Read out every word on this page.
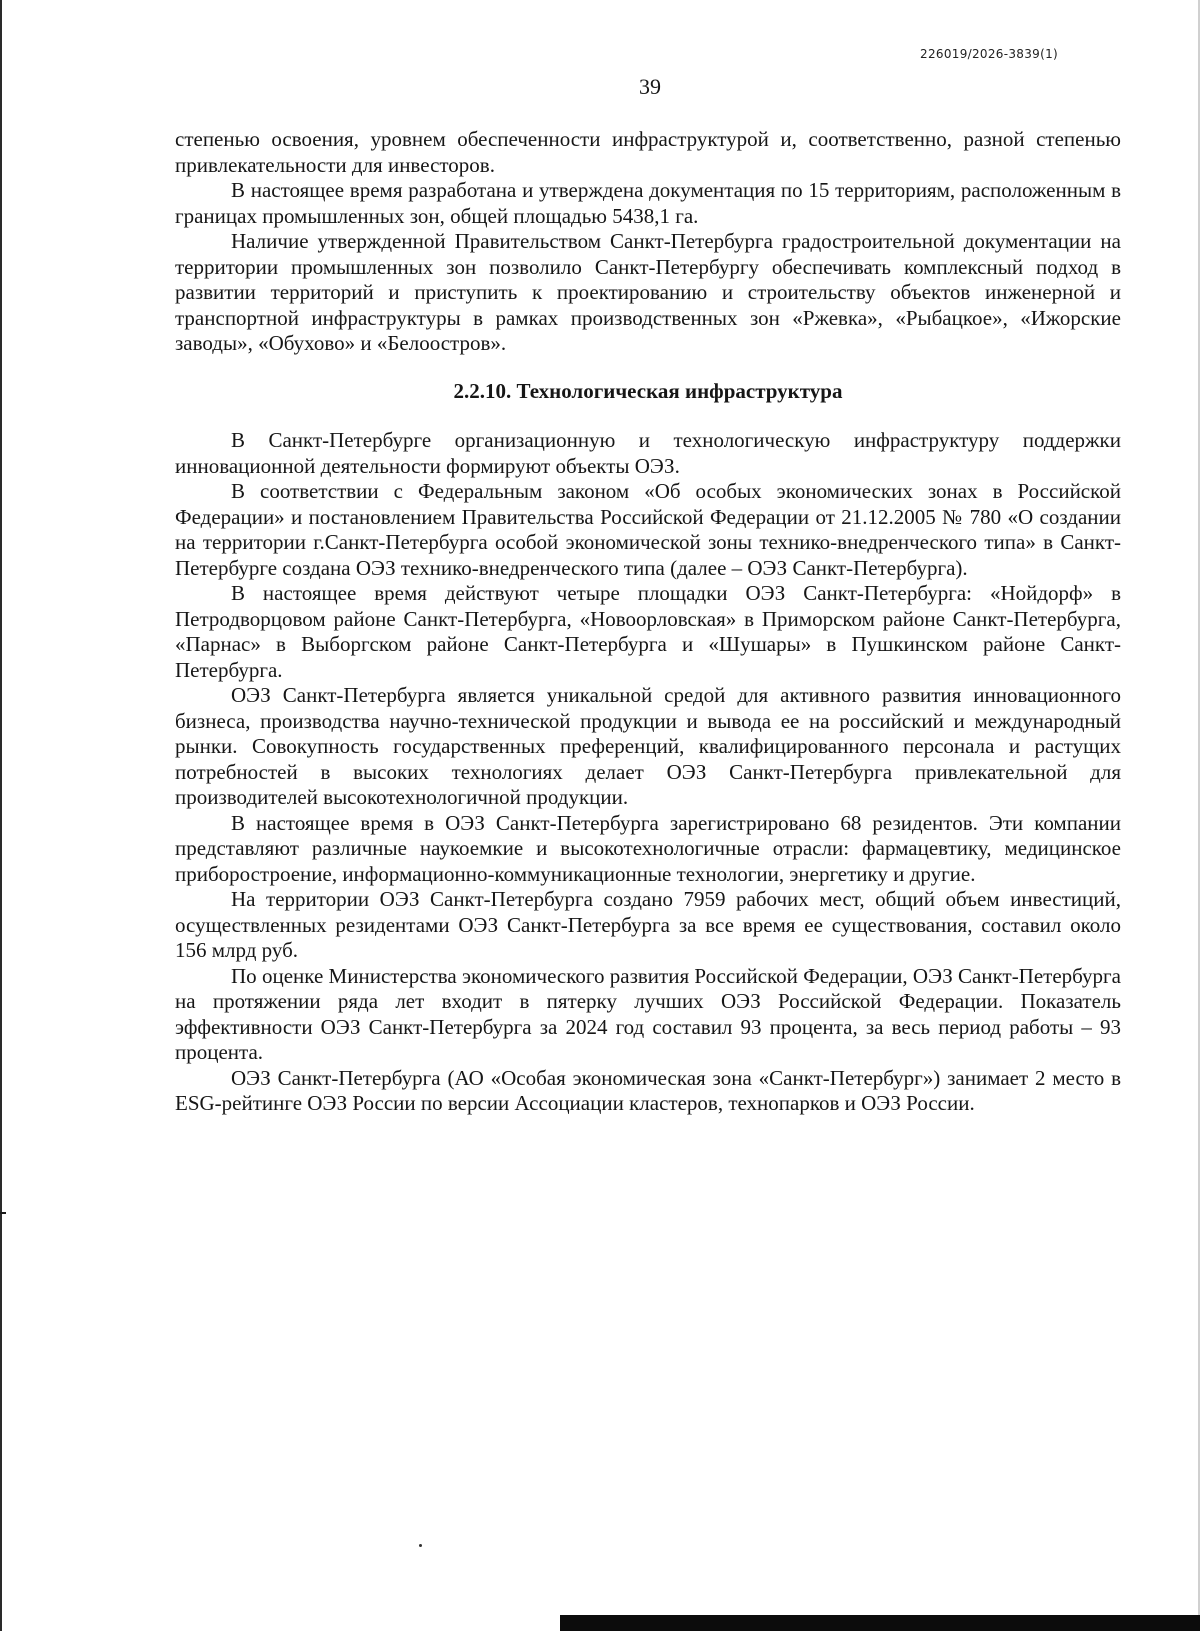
226019/2026-3839(1)
39

степенью освоения, уровнем обеспеченности инфраструктурой и, соответственно, разной степенью привлекательности для инвесторов.

В настоящее время разработана и утверждена документация по 15 территориям, расположенным в границах промышленных зон, общей площадью 5438,1 га.

Наличие утвержденной Правительством Санкт-Петербурга градостроительной документации на территории промышленных зон позволило Санкт-Петербургу обеспечивать комплексный подход в развитии территорий и приступить к проектированию и строительству объектов инженерной и транспортной инфраструктуры в рамках производственных зон «Ржевка», «Рыбацкое», «Ижорские заводы», «Обухово» и «Белоостров».

2.2.10. Технологическая инфраструктура

В Санкт-Петербурге организационную и технологическую инфраструктуру поддержки инновационной деятельности формируют объекты ОЭЗ.

В соответствии с Федеральным законом «Об особых экономических зонах в Российской Федерации» и постановлением Правительства Российской Федерации от 21.12.2005 № 780 «О создании на территории г.Санкт-Петербурга особой экономической зоны технико-внедренческого типа» в Санкт-Петербурге создана ОЭЗ технико-внедренческого типа (далее – ОЭЗ Санкт-Петербурга).

В настоящее время действуют четыре площадки ОЭЗ Санкт-Петербурга: «Нойдорф» в Петродворцовом районе Санкт-Петербурга, «Новоорловская» в Приморском районе Санкт-Петербурга, «Парнас» в Выборгском районе Санкт-Петербурга и «Шушары» в Пушкинском районе Санкт-Петербурга.

ОЭЗ Санкт-Петербурга является уникальной средой для активного развития инновационного бизнеса, производства научно-технической продукции и вывода ее на российский и международный рынки. Совокупность государственных преференций, квалифицированного персонала и растущих потребностей в высоких технологиях делает ОЭЗ Санкт-Петербурга привлекательной для производителей высокотехнологичной продукции.

В настоящее время в ОЭЗ Санкт-Петербурга зарегистрировано 68 резидентов. Эти компании представляют различные наукоемкие и высокотехнологичные отрасли: фармацевтику, медицинское приборостроение, информационно-коммуникационные технологии, энергетику и другие.

На территории ОЭЗ Санкт-Петербурга создано 7959 рабочих мест, общий объем инвестиций, осуществленных резидентами ОЭЗ Санкт-Петербурга за все время ее существования, составил около 156 млрд руб.

По оценке Министерства экономического развития Российской Федерации, ОЭЗ Санкт-Петербурга на протяжении ряда лет входит в пятерку лучших ОЭЗ Российской Федерации. Показатель эффективности ОЭЗ Санкт-Петербурга за 2024 год составил 93 процента, за весь период работы – 93 процента.

ОЭЗ Санкт-Петербурга (АО «Особая экономическая зона «Санкт-Петербург») занимает 2 место в ESG-рейтинге ОЭЗ России по версии Ассоциации кластеров, технопарков и ОЭЗ России.
